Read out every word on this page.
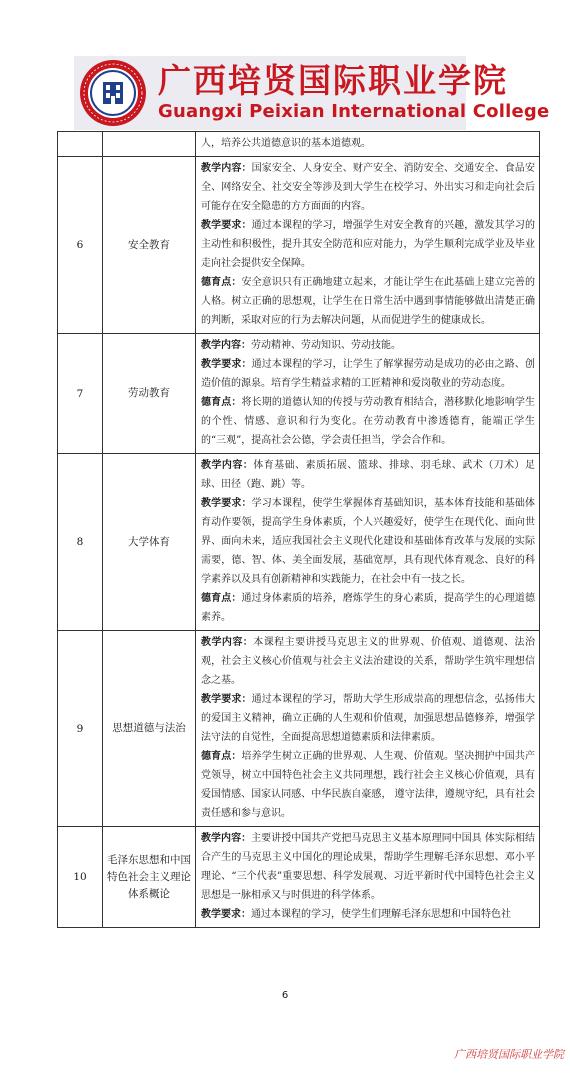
广西培贤国际职业学院
Guangxi Peixian International College

		人，培养公共道德意识的基本道德观。

6	安全教育	教学内容：国家安全、人身安全、财产安全、消防安全、交通安全、食品安全、网络安全、社交安全等涉及到大学生在校学习、外出实习和走向社会后可能存在安全隐患的方方面面的内容。

教学要求：通过本课程的学习，增强学生对安全教育的兴趣，激发其学习的主动性和积极性，提升其安全防范和应对能力，为学生顺利完成学业及毕业走向社会提供安全保障。

德育点：安全意识只有正确地建立起来，才能让学生在此基础上建立完善的人格。树立正确的思想观，让学生在日常生活中遇到事情能够做出清楚正确的判断，采取对应的行为去解决问题，从而促进学生的健康成长。

7	劳动教育	教学内容：劳动精神、劳动知识、劳动技能。

教学要求：通过本课程的学习，让学生了解掌握劳动是成功的必由之路、创造价值的源泉。培育学生精益求精的工匠精神和爱岗敬业的劳动态度。

德育点：将长期的道德认知的传授与劳动教育相结合，潜移默化地影响学生的个性、情感、意识和行为变化。在劳动教育中渗透德育，能端正学生的“三观”，提高社会公德，学会责任担当，学会合作和。

8	大学体育	教学内容：体育基础、素质拓展、篮球、排球、羽毛球、武术（刀术）足球、田径（跑、跳）等。

教学要求：学习本课程，使学生掌握体育基础知识，基本体育技能和基础体育动作要领，提高学生身体素质，个人兴趣爱好，使学生在现代化、面向世界、面向未来，适应我国社会主义现代化建设和基础体育改革与发展的实际需要，德、智、体、美全面发展，基础宽厚，具有现代体育观念、良好的科学素养以及具有创新精神和实践能力，在社会中有一技之长。

德育点：通过身体素质的培养，磨炼学生的身心素质，提高学生的心理道德素养。

9	思想道德与法治	教学内容：本课程主要讲授马克思主义的世界观、价值观、道德观、法治观，社会主义核心价值观与社会主义法治建设的关系，帮助学生筑牢理想信念之基。

教学要求：通过本课程的学习，帮助大学生形成崇高的理想信念，弘扬伟大的爱国主义精神，确立正确的人生观和价值观，加强思想品德修养，增强学法守法的自觉性，全面提高思想道德素质和法律素质。

德育点：培养学生树立正确的世界观、人生观、价值观。坚决拥护中国共产党领导，树立中国特色社会主义共同理想，践行社会主义核心价值观，具有爱国情感、国家认同感、中华民族自豪感， 遵守法律，遵规守纪，具有社会责任感和参与意识。

10	毛泽东思想和中国特色社会主义理论体系概论	教学内容：主要讲授中国共产党把马克思主义基本原理同中国具 体实际相结合产生的马克思主义中国化的理论成果，帮助学生理解毛泽东思想、邓小平理论、“三个代表”重要思想、科学发展观、习近平新时代中国特色社会主义思想是一脉相承又与时俱进的科学体系。

教学要求：通过本课程的学习，使学生们理解毛泽东思想和中国特色社

6
广西培贤国际职业学院
